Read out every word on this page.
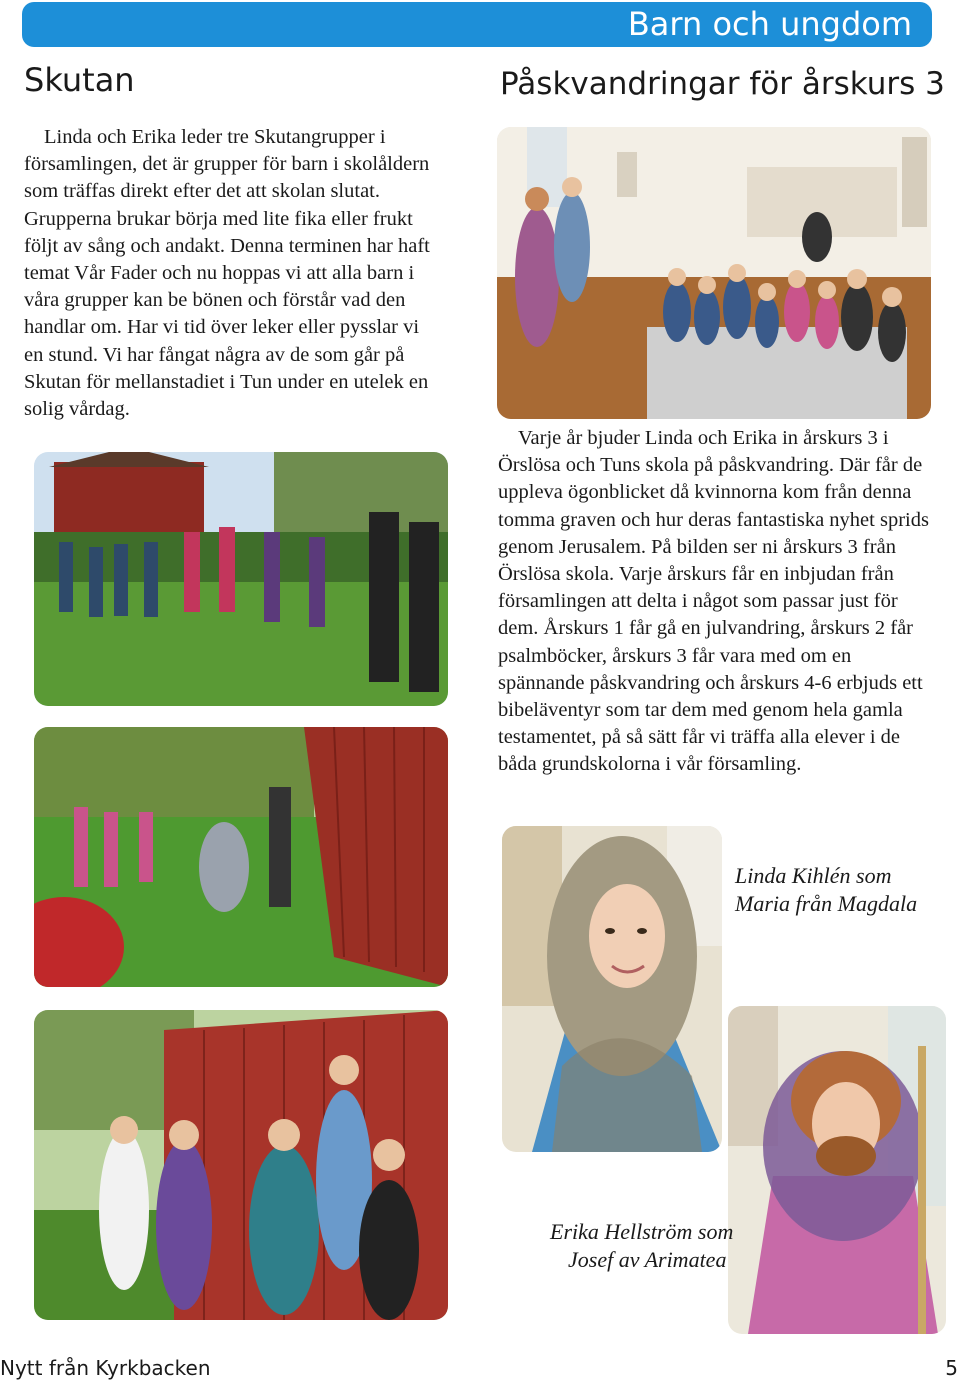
Barn och ungdom
Skutan

Linda och Erika leder tre Skutangrupper i församlingen, det är grupper för barn i skolåldern som träffas direkt efter det att skolan slutat. Grupperna brukar börja med lite fika eller frukt följt av sång och andakt. Denna terminen har haft temat Vår Fader och nu hoppas vi att alla barn i våra grupper kan be bönen och förstår vad den handlar om. Har vi tid över leker eller pysslar vi en stund. Vi har fångat några av de som går på Skutan för mellanstadiet i Tun under en utelek en solig vårdag.

Påskvandringar för årskurs 3

Varje år bjuder Linda och Erika in årskurs 3 i Örslösa och Tuns skola på påskvandring. Där får de uppleva ögonblicket då kvinnorna kom från denna tomma graven och hur deras fantastiska nyhet sprids genom Jerusalem. På bilden ser ni årskurs 3 från Örslösa skola. Varje årskurs får en inbjudan från församlingen att delta i något som passar just för dem. Årskurs 1 får gå en julvandring, årskurs 2 får psalmböcker, årskurs 3 får vara med om en spännande påskvandring och årskurs 4-6 erbjuds ett bibeläventyr som tar dem med genom hela gamla testamentet, på så sätt får vi träffa alla elever i de båda grundskolorna i vår församling.

Linda Kihlén som
Maria från Magdala
Erika Hellström som
Josef av Arimatea
Nytt från Kyrkbacken	5
